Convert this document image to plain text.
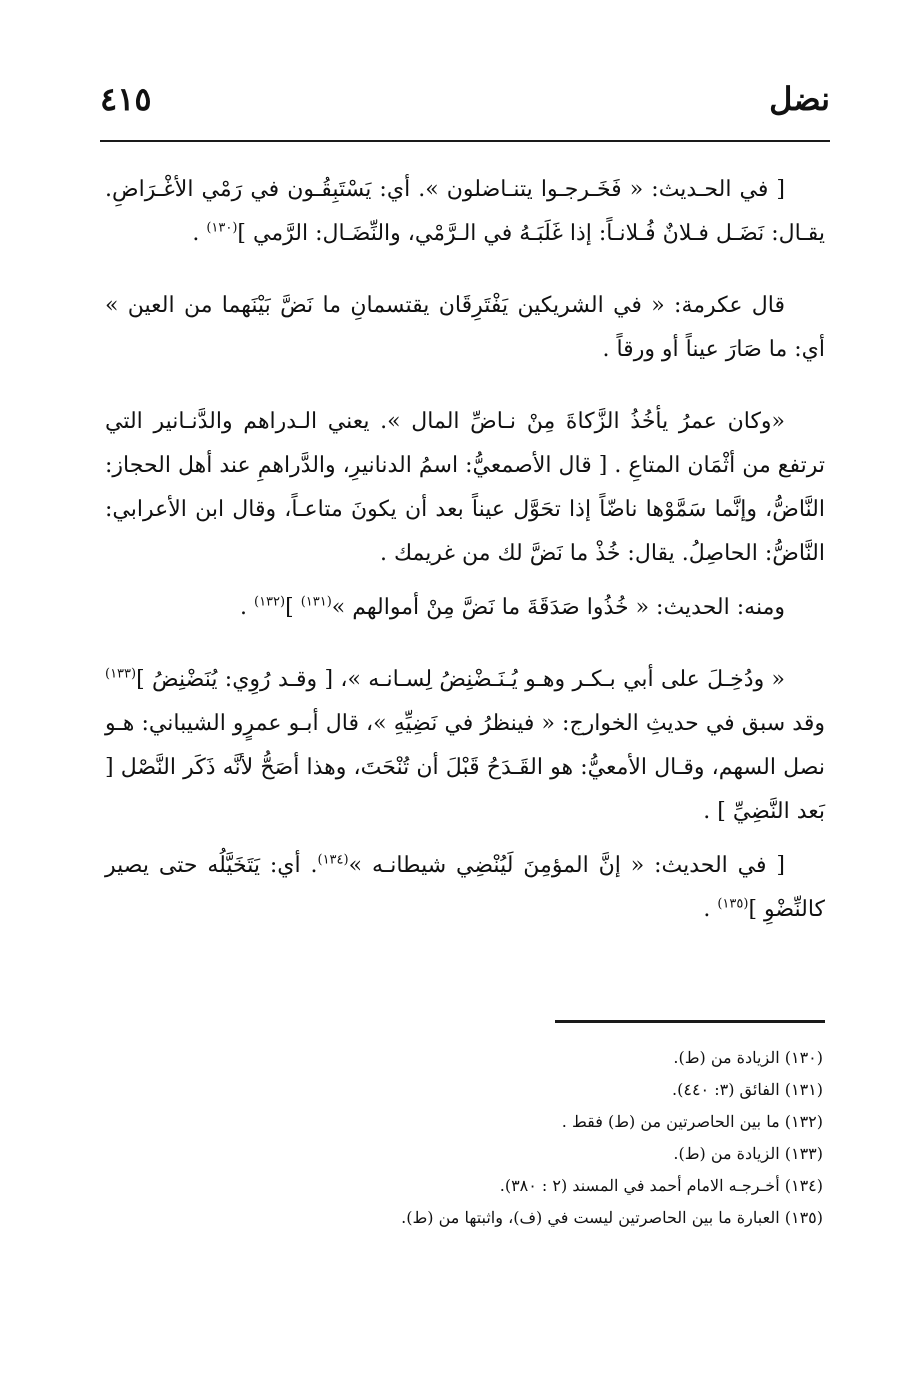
نضل
٤١٥

[ في الحـديث: « فَخَـرجـوا يتنـاضلون ». أي: يَسْتَبِقُـون في رَمْي الأغْـرَاضِ. يقـال: نَضَـل فـلانٌ فُـلانـاً: إذا غَلَبَـهُ في الـرَّمْي، والنِّضَـال: الرَّمي ]$^{(١٣٠)}$ .

قال عكرمة: « في الشريكين يَفْتَرِقَان يقتسمانِ ما نَضَّ بَيْنَهما من العين » أي: ما صَارَ عيناً أو ورقاً .

«وكان عمرُ يأخُذُ الزَّكاةَ مِنْ نـاضِّ المال ». يعني الـدراهم والدَّنـانير التي ترتفع من أثْمَان المتاعِ . [ قال الأصمعيُّ: اسمُ الدنانيرِ، والدَّراهمِ عند أهل الحجاز: النَّاضُّ، وإنَّما سَمَّوْها ناضّاً إذا تحَوَّل عيناً بعد أن يكونَ متاعـاً، وقال ابن الأعرابي: النَّاضُّ: الحاصِلُ. يقال: خُذْ ما نَضَّ لك من غريمك .

ومنه: الحديث: « خُذُوا صَدَقَةَ ما نَضَّ مِنْ أموالهم »$^{(١٣١)}$ ]$^{(١٣٢)}$ .

« ودُخِـلَ على أبي بـكـر وهـو يُـنَـضْنِضُ لِسـانـه »، [ وقـد رُوِي: يُنَضْنِضُ ]$^{(١٣٣)}$ وقد سبق في حديثِ الخوارج: « فينظرُ في نَضِيِّهِ »، قال أبـو عمرٍو الشيباني: هـو نصل السهم، وقـال الأمعيُّ: هو القَـدَحُ قَبْلَ أن تُنْحَتَ، وهذا أصَحُّ لأنَّه ذَكَر النَّصْل [ بَعد النَّضِيِّ ] .

[ في الحديث: « إنَّ المؤمِنَ لَيُنْضِي شيطانـه »$^{(١٣٤)}$. أي: يَتَخَيَّلُه حتى يصير كالنِّضْوِ ]$^{(١٣٥)}$ .

(١٣٠) الزيادة من (ط).

(١٣١) الفائق (٣: ٤٤٠).

(١٣٢) ما بين الحاصرتين من (ط) فقط .

(١٣٣) الزيادة من (ط).

(١٣٤) أخـرجـه الامام أحمد في المسند (٢ : ٣٨٠).

(١٣٥) العبارة ما بين الحاصرتين ليست في (ف)، واثبتها من (ط).
